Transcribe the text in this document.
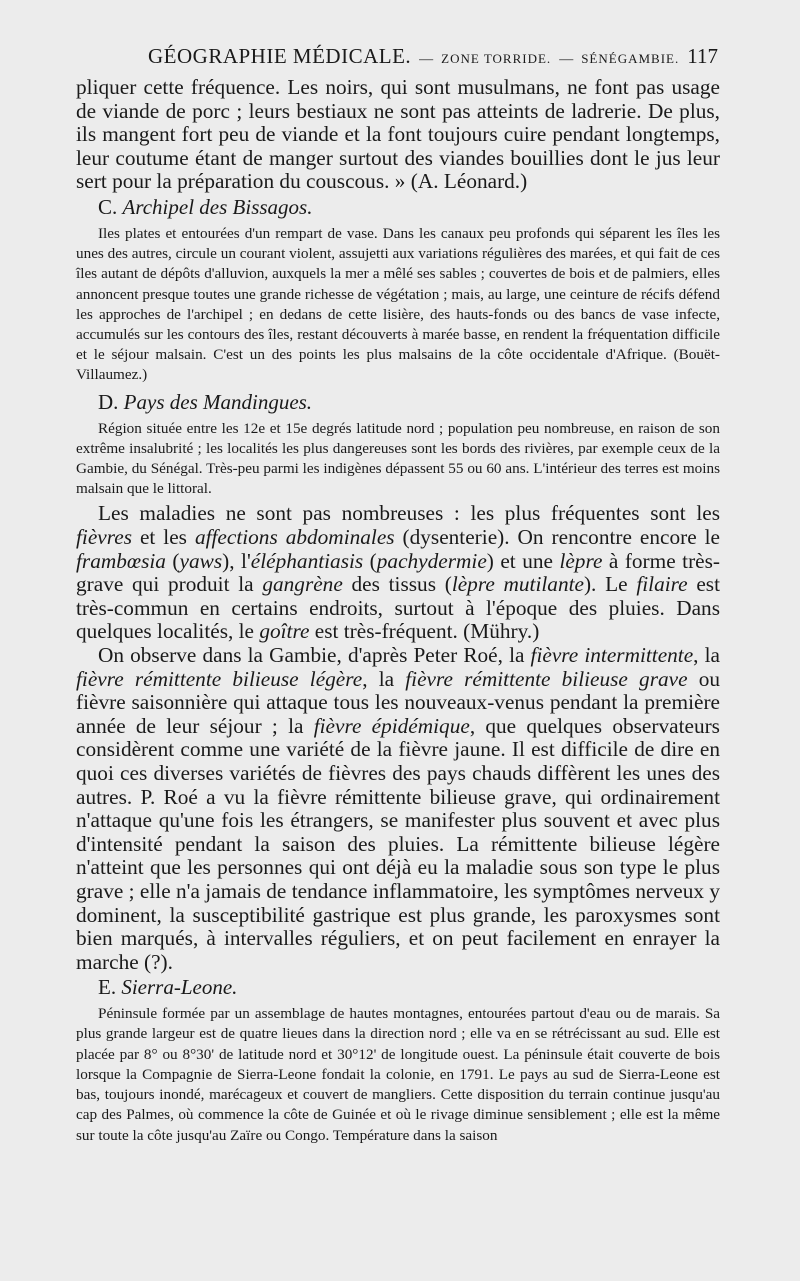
GÉOGRAPHIE MÉDICALE. — ZONE TORRIDE. — SÉNÉGAMBIE. 117

pliquer cette fréquence. Les noirs, qui sont musulmans, ne font pas usage de viande de porc ; leurs bestiaux ne sont pas atteints de ladrerie. De plus, ils mangent fort peu de viande et la font toujours cuire pendant longtemps, leur coutume étant de manger surtout des viandes bouillies dont le jus leur sert pour la préparation du couscous. » (A. Léonard.)

C. Archipel des Bissagos.

Iles plates et entourées d'un rempart de vase. Dans les canaux peu profonds qui séparent les îles les unes des autres, circule un courant violent, assujetti aux variations régulières des marées, et qui fait de ces îles autant de dépôts d'alluvion, auxquels la mer a mêlé ses sables ; couvertes de bois et de palmiers, elles annoncent presque toutes une grande richesse de végétation ; mais, au large, une ceinture de récifs défend les approches de l'archipel ; en dedans de cette lisière, des hauts-fonds ou des bancs de vase infecte, accumulés sur les contours des îles, restant découverts à marée basse, en rendent la fréquentation difficile et le séjour malsain. C'est un des points les plus malsains de la côte occidentale d'Afrique. (Bouët-Villaumez.)

D. Pays des Mandingues.

Région située entre les 12e et 15e degrés latitude nord ; population peu nombreuse, en raison de son extrême insalubrité ; les localités les plus dangereuses sont les bords des rivières, par exemple ceux de la Gambie, du Sénégal. Très-peu parmi les indigènes dépassent 55 ou 60 ans. L'intérieur des terres est moins malsain que le littoral.

Les maladies ne sont pas nombreuses : les plus fréquentes sont les fièvres et les affections abdominales (dysenterie). On rencontre encore le frambœsia (yaws), l'éléphantiasis (pachydermie) et une lèpre à forme très-grave qui produit la gangrène des tissus (lèpre mutilante). Le filaire est très-commun en certains endroits, surtout à l'époque des pluies. Dans quelques localités, le goître est très-fréquent. (Mühry.)

On observe dans la Gambie, d'après Peter Roé, la fièvre intermittente, la fièvre rémittente bilieuse légère, la fièvre rémittente bilieuse grave ou fièvre saisonnière qui attaque tous les nouveaux-venus pendant la première année de leur séjour ; la fièvre épidémique, que quelques observateurs considèrent comme une variété de la fièvre jaune. Il est difficile de dire en quoi ces diverses variétés de fièvres des pays chauds diffèrent les unes des autres. P. Roé a vu la fièvre rémittente bilieuse grave, qui ordinairement n'attaque qu'une fois les étrangers, se manifester plus souvent et avec plus d'intensité pendant la saison des pluies. La rémittente bilieuse légère n'atteint que les personnes qui ont déjà eu la maladie sous son type le plus grave ; elle n'a jamais de tendance inflammatoire, les symptômes nerveux y dominent, la susceptibilité gastrique est plus grande, les paroxysmes sont bien marqués, à intervalles réguliers, et on peut facilement en enrayer la marche (?).

E. Sierra-Leone.

Péninsule formée par un assemblage de hautes montagnes, entourées partout d'eau ou de marais. Sa plus grande largeur est de quatre lieues dans la direction nord ; elle va en se rétrécissant au sud. Elle est placée par 8° ou 8°30' de latitude nord et 30°12' de longitude ouest. La péninsule était couverte de bois lorsque la Compagnie de Sierra-Leone fondait la colonie, en 1791. Le pays au sud de Sierra-Leone est bas, toujours inondé, marécageux et couvert de mangliers. Cette disposition du terrain continue jusqu'au cap des Palmes, où commence la côte de Guinée et où le rivage diminue sensiblement ; elle est la même sur toute la côte jusqu'au Zaïre ou Congo. Température dans la saison
